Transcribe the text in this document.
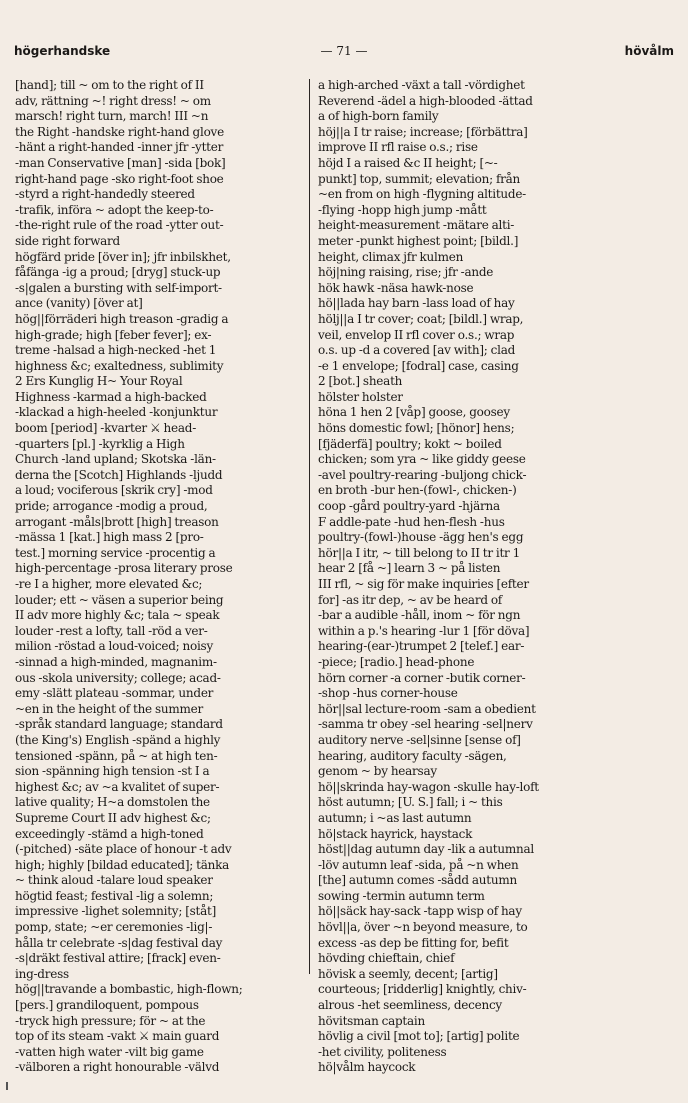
högerhandske	— 71 —	hövålm
[hand]; till ~ om to the right of II
adv, rättning ~! right dress! ~ om
marsch! right turn, march! III ~n
the Right -handske right-hand glove
-hänt a right-handed -inner jfr -ytter
-man Conservative [man] -sida [bok]
right-hand page -sko right-foot shoe
-styrd a right-handedly steered
-trafik, införa ~ adopt the keep-to-
-the-right rule of the road -ytter out-
side right forward
högfärd pride [över in]; jfr inbilskhet,
fåfänga -ig a proud; [dryg] stuck-up
-s|galen a bursting with self-import-
ance (vanity) [över at]
hög||förräderi high treason -gradig a
high-grade; high [feber fever]; ex-
treme -halsad a high-necked -het 1
highness &c; exaltedness, sublimity
2 Ers Kunglig H~ Your Royal
Highness -karmad a high-backed
-klackad a high-heeled -konjunktur
boom [period] -kvarter ⚔ head-
-quarters [pl.] -kyrklig a High
Church -land upland; Skotska -län-
derna the [Scotch] Highlands -ljudd
a loud; vociferous [skrik cry] -mod
pride; arrogance -modig a proud,
arrogant -måls|brott [high] treason
-mässa 1 [kat.] high mass 2 [pro-
test.] morning service -procentig a
high-percentage -prosa literary prose
-re I a higher, more elevated &c;
louder; ett ~ väsen a superior being
II adv more highly &c; tala ~ speak
louder -rest a lofty, tall -röd a ver-
milion -röstad a loud-voiced; noisy
-sinnad a high-minded, magnanim-
ous -skola university; college; acad-
emy -slätt plateau -sommar, under
~en in the height of the summer
-språk standard language; standard
(the King's) English -spänd a highly
tensioned -spänn, på ~ at high ten-
sion -spänning high tension -st I a
highest &c; av ~a kvalitet of super-
lative quality; H~a domstolen the
Supreme Court II adv highest &c;
exceedingly -stämd a high-toned
(-pitched) -säte place of honour -t adv
high; highly [bildad educated]; tänka
~ think aloud -talare loud speaker
högtid feast; festival -lig a solemn;
impressive -lighet solemnity; [ståt]
pomp, state; ~er ceremonies -lig|-
hålla tr celebrate -s|dag festival day
-s|dräkt festival attire; [frack] even-
ing-dress
hög||travande a bombastic, high-flown;
[pers.] grandiloquent, pompous
-tryck high pressure; för ~ at the
top of its steam -vakt ⚔ main guard
-vatten high water -vilt big game
-välboren a right honourable -välvd
a high-arched -växt a tall -vördighet
Reverend -ädel a high-blooded -ättad
a of high-born family
höj||a I tr raise; increase; [förbättra]
improve II rfl raise o.s.; rise
höjd I a raised &c II height; [~-
punkt] top, summit; elevation; från
~en from on high -flygning altitude-
-flying -hopp high jump -mått
height-measurement -mätare alti-
meter -punkt highest point; [bildl.]
height, climax jfr kulmen
höj|ning raising, rise; jfr -ande
hök hawk -näsa hawk-nose
hö||lada hay barn -lass load of hay
hölj||a I tr cover; coat; [bildl.] wrap,
veil, envelop II rfl cover o.s.; wrap
o.s. up -d a covered [av with]; clad
-e 1 envelope; [fodral] case, casing
2 [bot.] sheath
hölster holster
höna 1 hen 2 [våp] goose, goosey
höns domestic fowl; [hönor] hens;
[fjäderfä] poultry; kokt ~ boiled
chicken; som yra ~ like giddy geese
-avel poultry-rearing -buljong chick-
en broth -bur hen-(fowl-, chicken-)
coop -gård poultry-yard -hjärna
F addle-pate -hud hen-flesh -hus
poultry-(fowl-)house -ägg hen's egg
hör||a I itr, ~ till belong to II tr itr 1
hear 2 [få ~] learn 3 ~ på listen
III rfl, ~ sig för make inquiries [efter
for] -as itr dep, ~ av be heard of
-bar a audible -håll, inom ~ för ngn
within a p.'s hearing -lur 1 [för döva]
hearing-(ear-)trumpet 2 [telef.] ear-
-piece; [radio.] head-phone
hörn corner -a corner -butik corner-
-shop -hus corner-house
hör||sal lecture-room -sam a obedient
-samma tr obey -sel hearing -sel|nerv
auditory nerve -sel|sinne [sense of]
hearing, auditory faculty -sägen,
genom ~ by hearsay
hö||skrinda hay-wagon -skulle hay-loft
höst autumn; [U. S.] fall; i ~ this
autumn; i ~as last autumn
hö|stack hayrick, haystack
höst||dag autumn day -lik a autumnal
-löv autumn leaf -sida, på ~n when
[the] autumn comes -sådd autumn
sowing -termin autumn term
hö||säck hay-sack -tapp wisp of hay
hövl||a, över ~n beyond measure, to
excess -as dep be fitting for, befit
hövding chieftain, chief
hövisk a seemly, decent; [artig]
courteous; [ridderlig] knightly, chiv-
alrous -het seemliness, decency
hövitsman captain
hövlig a civil [mot to]; [artig] polite
-het civility, politeness
hö|vålm haycock
